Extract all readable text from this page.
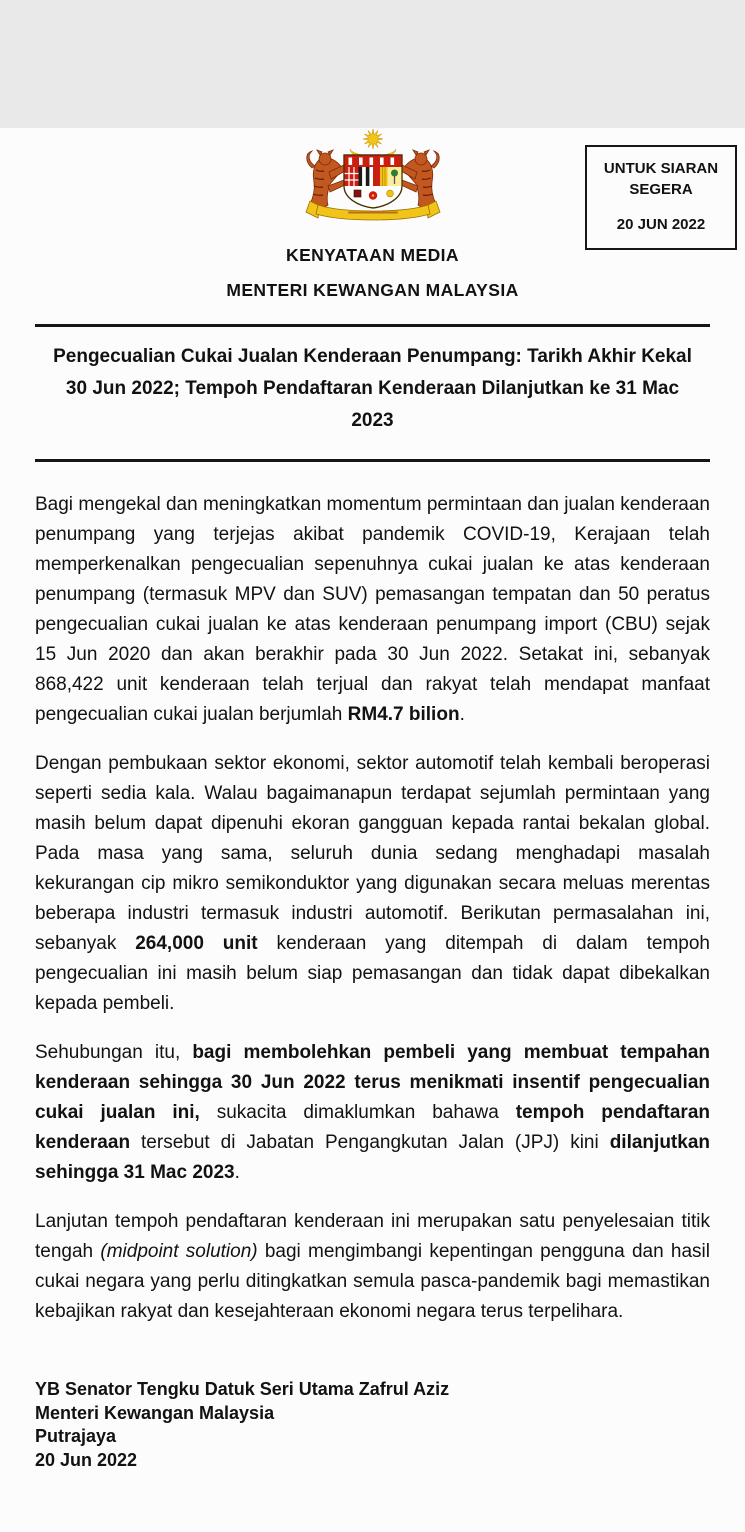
UNTUK SIARAN
SEGERA
20 JUN 2022
KENYATAAN MEDIA
MENTERI KEWANGAN MALAYSIA
Pengecualian Cukai Jualan Kenderaan Penumpang: Tarikh Akhir Kekal 30 Jun 2022; Tempoh Pendaftaran Kenderaan Dilanjutkan ke 31 Mac 2023

Bagi mengekal dan meningkatkan momentum permintaan dan jualan kenderaan penumpang yang terjejas akibat pandemik COVID-19, Kerajaan telah memperkenalkan pengecualian sepenuhnya cukai jualan ke atas kenderaan penumpang (termasuk MPV dan SUV) pemasangan tempatan dan 50 peratus pengecualian cukai jualan ke atas kenderaan penumpang import (CBU) sejak 15 Jun 2020 dan akan berakhir pada 30 Jun 2022. Setakat ini, sebanyak 868,422 unit kenderaan telah terjual dan rakyat telah mendapat manfaat pengecualian cukai jualan berjumlah RM4.7 bilion.

Dengan pembukaan sektor ekonomi, sektor automotif telah kembali beroperasi seperti sedia kala. Walau bagaimanapun terdapat sejumlah permintaan yang masih belum dapat dipenuhi ekoran gangguan kepada rantai bekalan global. Pada masa yang sama, seluruh dunia sedang menghadapi masalah kekurangan cip mikro semikonduktor yang digunakan secara meluas merentas beberapa industri termasuk industri automotif. Berikutan permasalahan ini, sebanyak 264,000 unit kenderaan yang ditempah di dalam tempoh pengecualian ini masih belum siap pemasangan dan tidak dapat dibekalkan kepada pembeli.

Sehubungan itu, bagi membolehkan pembeli yang membuat tempahan kenderaan sehingga 30 Jun 2022 terus menikmati insentif pengecualian cukai jualan ini, sukacita dimaklumkan bahawa tempoh pendaftaran kenderaan tersebut di Jabatan Pengangkutan Jalan (JPJ) kini dilanjutkan sehingga 31 Mac 2023.

Lanjutan tempoh pendaftaran kenderaan ini merupakan satu penyelesaian titik tengah (midpoint solution) bagi mengimbangi kepentingan pengguna dan hasil cukai negara yang perlu ditingkatkan semula pasca-pandemik bagi memastikan kebajikan rakyat dan kesejahteraan ekonomi negara terus terpelihara.

YB Senator Tengku Datuk Seri Utama Zafrul Aziz
Menteri Kewangan Malaysia
Putrajaya
20 Jun 2022
